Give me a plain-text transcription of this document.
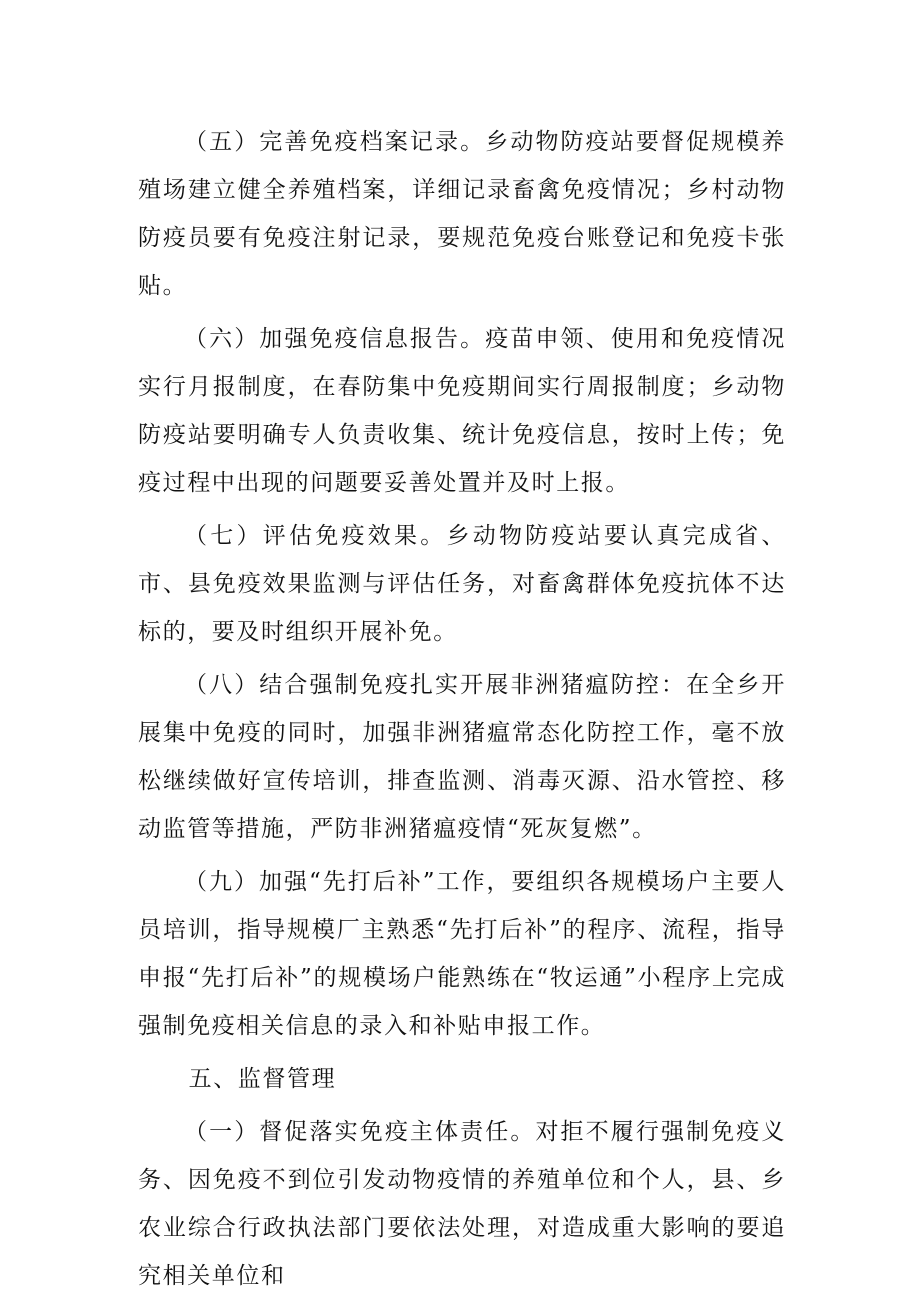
（五）完善免疫档案记录。乡动物防疫站要督促规模养殖场建立健全养殖档案，详细记录畜禽免疫情况；乡村动物防疫员要有免疫注射记录，要规范免疫台账登记和免疫卡张贴。

（六）加强免疫信息报告。疫苗申领、使用和免疫情况实行月报制度，在春防集中免疫期间实行周报制度；乡动物防疫站要明确专人负责收集、统计免疫信息，按时上传；免疫过程中出现的问题要妥善处置并及时上报。

（七）评估免疫效果。乡动物防疫站要认真完成省、市、县免疫效果监测与评估任务，对畜禽群体免疫抗体不达标的，要及时组织开展补免。

（八）结合强制免疫扎实开展非洲猪瘟防控：在全乡开展集中免疫的同时，加强非洲猪瘟常态化防控工作，毫不放松继续做好宣传培训，排查监测、消毒灭源、沿水管控、移动监管等措施，严防非洲猪瘟疫情“死灰复燃”。

（九）加强“先打后补”工作，要组织各规模场户主要人员培训，指导规模厂主熟悉“先打后补”的程序、流程，指导申报“先打后补”的规模场户能熟练在“牧运通”小程序上完成强制免疫相关信息的录入和补贴申报工作。

五、监督管理

（一）督促落实免疫主体责任。对拒不履行强制免疫义务、因免疫不到位引发动物疫情的养殖单位和个人，县、乡农业综合行政执法部门要依法处理，对造成重大影响的要追究相关单位和
